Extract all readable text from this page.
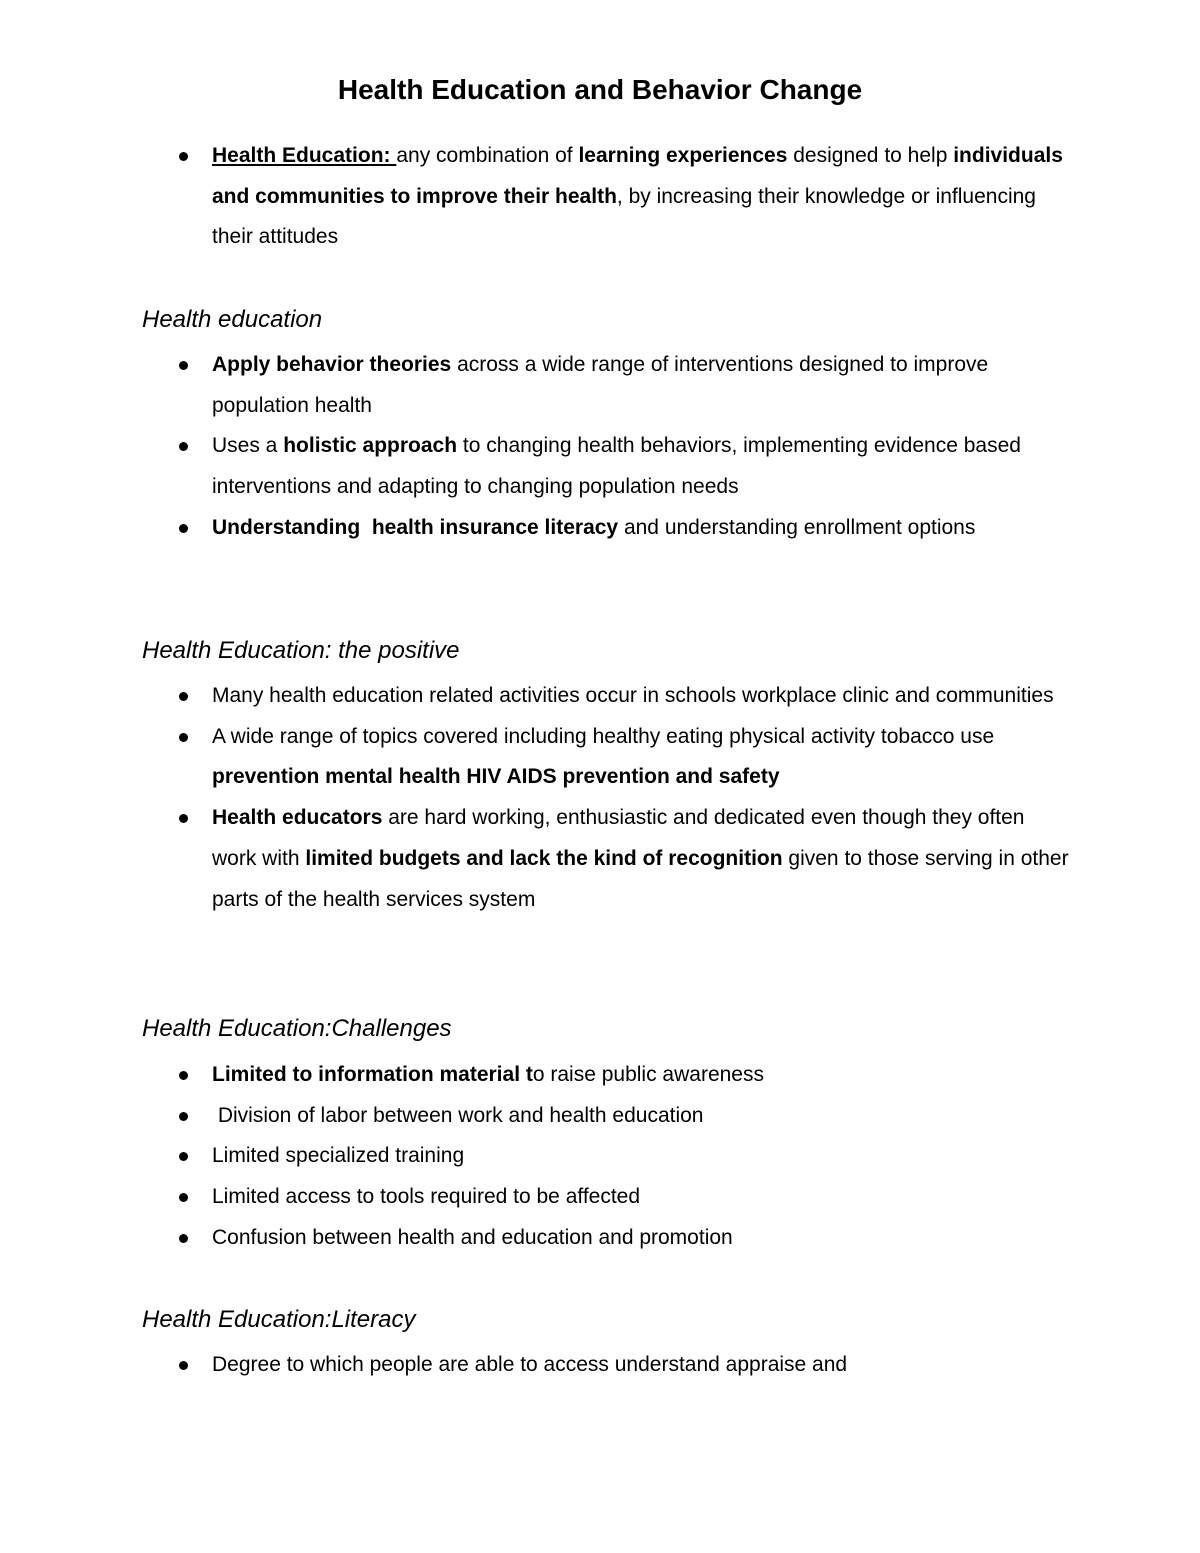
Health Education and Behavior Change
Health Education: any combination of learning experiences designed to help individuals and communities to improve their health, by increasing their knowledge or influencing their attitudes
Health education
Apply behavior theories across a wide range of interventions designed to improve population health
Uses a holistic approach to changing health behaviors, implementing evidence based interventions and adapting to changing population needs
Understanding  health insurance literacy and understanding enrollment options
Health Education: the positive
Many health education related activities occur in schools workplace clinic and communities
A wide range of topics covered including healthy eating physical activity tobacco use prevention mental health HIV AIDS prevention and safety
Health educators are hard working, enthusiastic and dedicated even though they often work with limited budgets and lack the kind of recognition given to those serving in other parts of the health services system
Health Education:Challenges
Limited to information material to raise public awareness
Division of labor between work and health education
Limited specialized training
Limited access to tools required to be affected
Confusion between health and education and promotion
Health Education:Literacy
Degree to which people are able to access understand appraise and
